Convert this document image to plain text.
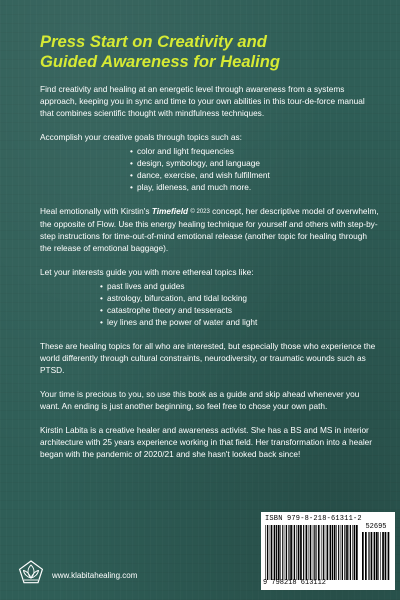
Press Start on Creativity and
Guided Awareness for Healing

Find creativity and healing at an energetic level through awareness from a systems approach, keeping you in sync and time to your own abilities in this tour-de-force manual that combines scientific thought with mindfulness techniques.

Accomplish your creative goals through topics such as:

• color and light frequencies
• design, symbology, and language
• dance, exercise, and wish fulfillment
• play, idleness, and much more.

Heal emotionally with Kirstin's Timefield $^{© 2023}$ concept, her descriptive model of overwhelm, the opposite of Flow. Use this energy healing technique for yourself and others with step-by-step instructions for time-out-of-mind emotional release (another topic for healing through the release of emotional baggage).

Let your interests guide you with more ethereal topics like:

• past lives and guides
• astrology, bifurcation, and tidal locking
• catastrophe theory and tesseracts
• ley lines and the power of water and light

These are healing topics for all who are interested, but especially those who experience the world differently through cultural constraints, neurodiversity, or traumatic wounds such as PTSD.

Your time is precious to you, so use this book as a guide and skip ahead whenever you want. An ending is just another beginning, so feel free to chose your own path.

Kirstin Labita is a creative healer and awareness activist. She has a BS and MS in interior architecture with 25 years experience working in that field. Her transformation into a healer began with the pandemic of 2020/21 and she hasn't looked back since!

www.klabitahealing.com
ISBN 979-8-218-61311-2
52695
9 798218 613112
